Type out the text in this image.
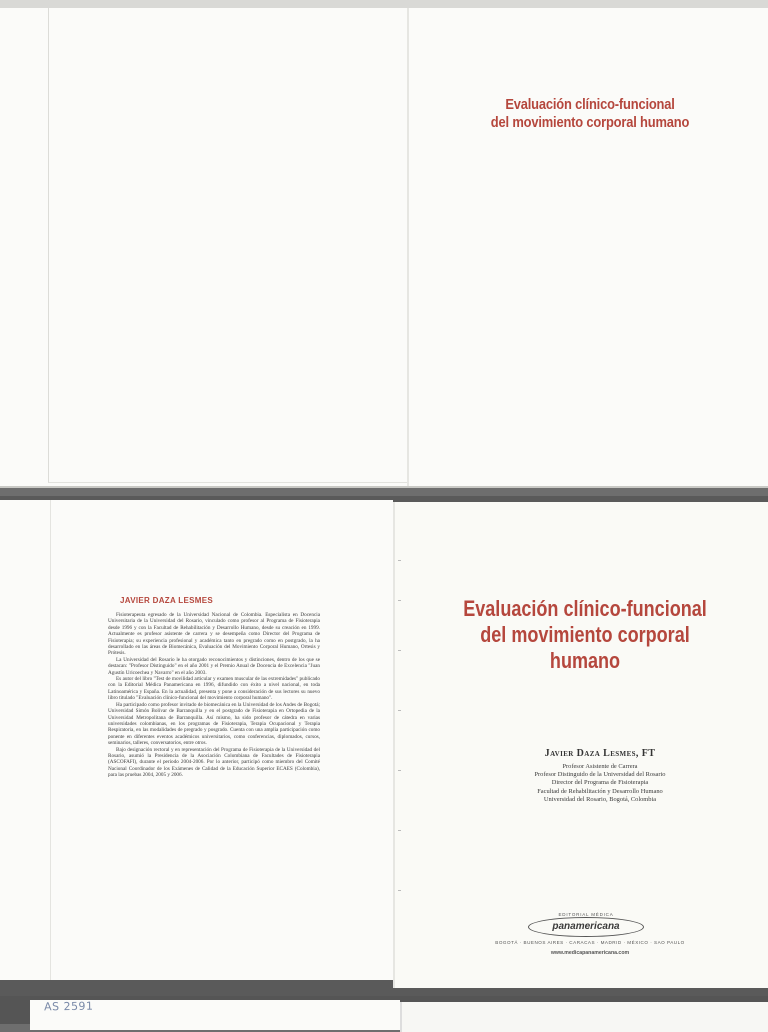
Evaluación clínico-funcional
del movimiento corporal humano
JAVIER DAZA LESMES

Fisioterapeuta egresado de la Universidad Nacional de Colombia. Especialista en Docencia Universitaria de la Universidad del Rosario, vinculado como profesor al Programa de Fisioterapia desde 1996 y con la Facultad de Rehabilitación y Desarrollo Humano, desde su creación en 1999. Actualmente es profesor asistente de carrera y se desempeña como Director del Programa de Fisioterapia; su experiencia profesional y académica tanto en pregrado como en postgrado, la ha desarrollado en las áreas de Biomecánica, Evaluación del Movimiento Corporal Humano, Ortesis y Prótesis.

La Universidad del Rosario le ha otorgado reconocimientos y distinciones, dentro de los que se destacan: "Profesor Distinguido" en el año 2001 y el Premio Anual de Docencia de Excelencia "Juan Agustín Uricoechea y Navarro" en el año 2003.

Es autor del libro "Test de movilidad articular y examen muscular de las extremidades" publicado con la Editorial Médica Panamericana en 1996, difundido con éxito a nivel nacional, en toda Latinoamérica y España. En la actualidad, presenta y pone a consideración de sus lectores su nuevo libro titulado "Evaluación clínico-funcional del movimiento corporal humano".

Ha participado como profesor invitado de biomecánica en la Universidad de los Andes de Bogotá; Universidad Simón Bolívar de Barranquilla y en el postgrado de Fisioterapia en Ortopedia de la Universidad Metropolitana de Barranquilla. Así mismo, ha sido profesor de cátedra en varias universidades colombianas, en los programas de Fisioterapia, Terapia Ocupacional y Terapia Respiratoria, en las modalidades de pregrado y posgrado. Cuenta con una amplia participación como ponente en diferentes eventos académicos universitarios, como conferencias, diplomados, cursos, seminarios, talleres, conversatorios, entre otros.

Bajo designación rectoral y en representación del Programa de Fisioterapia de la Universidad del Rosario, asumió la Presidencia de la Asociación Colombiana de Facultades de Fisioterapia (ASCOFAFI), durante el periodo 2004-2006. Por lo anterior, participó como miembro del Comité Nacional Coordinador de los Exámenes de Calidad de la Educación Superior ECAES (Colombia), para las pruebas 2004, 2005 y 2006.

Evaluación clínico-funcional
del movimiento corporal humano
Javier Daza Lesmes, FT
Profesor Asistente de Carrera
Profesor Distinguido de la Universidad del Rosario
Director del Programa de Fisioterapia
Facultad de Rehabilitación y Desarrollo Humano
Universidad del Rosario, Bogotá, Colombia
EDITORIAL MÉDICA
panamericana
BOGOTÁ · BUENOS AIRES · CARACAS · MADRID · MÉXICO · SAO PAULO
www.medicapanamericana.com
AS 2591
